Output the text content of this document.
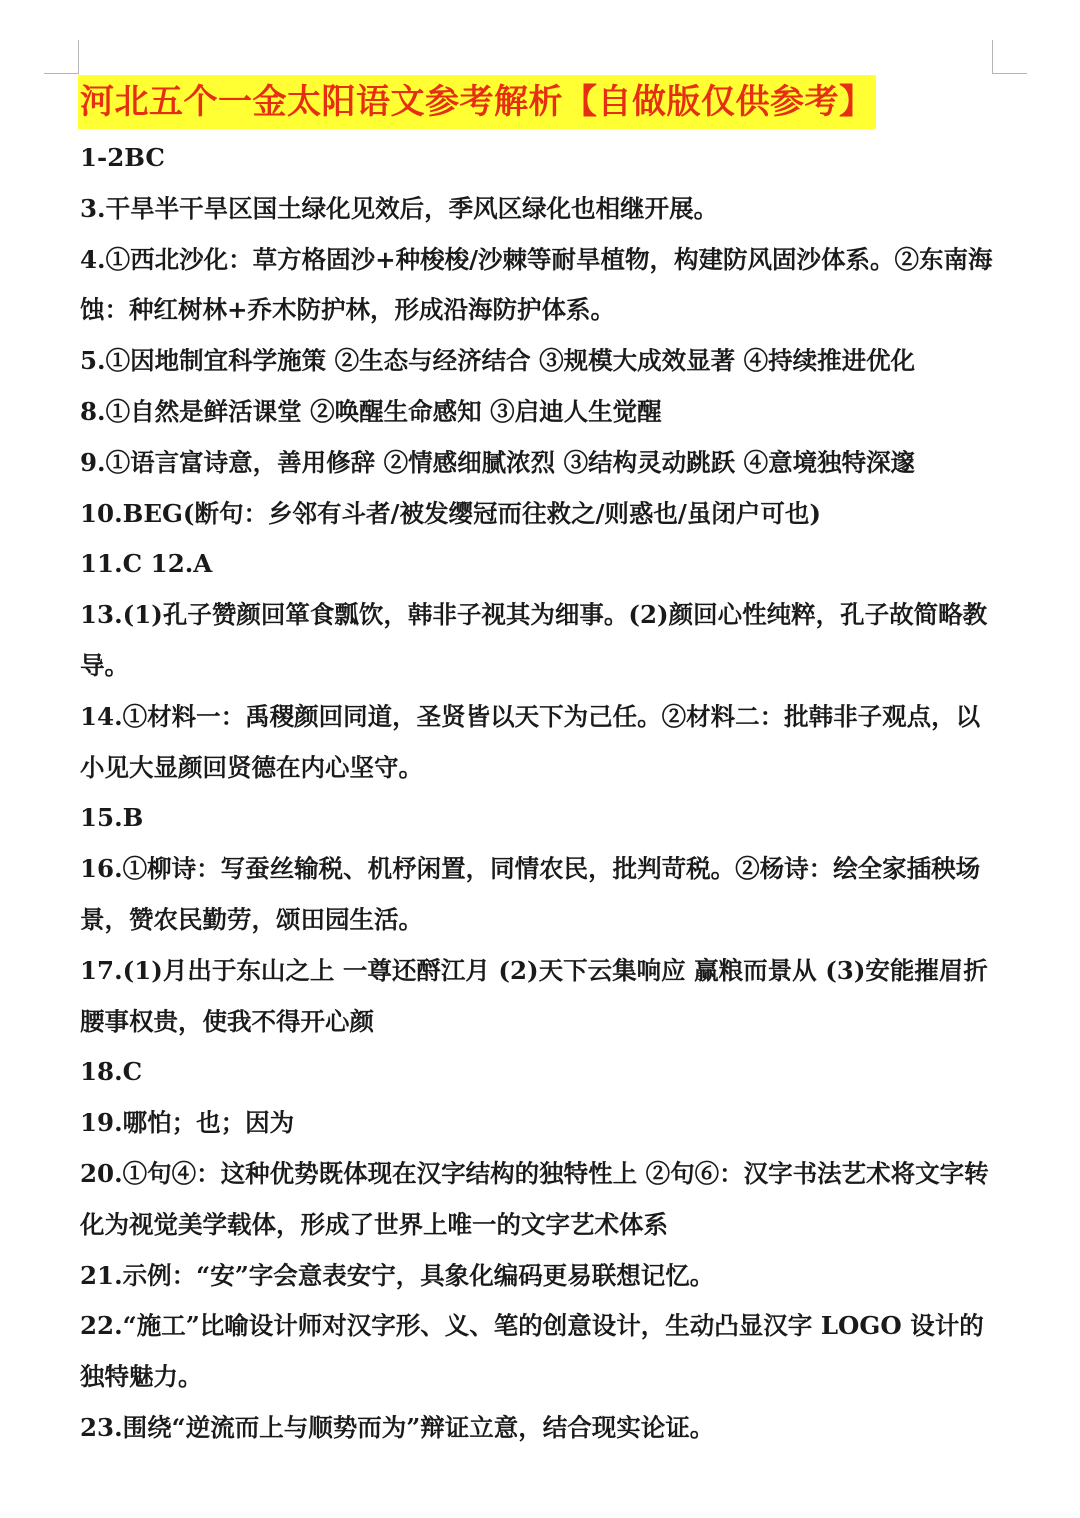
河北五个一金太阳语文参考解析【自做版仅供参考】
1-2BC
3.干旱半干旱区国土绿化见效后，季风区绿化也相继开展。
4.①西北沙化：草方格固沙+种梭梭/沙棘等耐旱植物，构建防风固沙体系。②东南海蚀：种红树林+乔木防护林，形成沿海防护体系。
5.①因地制宜科学施策 ②生态与经济结合 ③规模大成效显著 ④持续推进优化
8.①自然是鲜活课堂 ②唤醒生命感知 ③启迪人生觉醒
9.①语言富诗意，善用修辞 ②情感细腻浓烈 ③结构灵动跳跃 ④意境独特深邃
10.BEG(断句：乡邻有斗者/被发缨冠而往救之/则惑也/虽闭户可也)
11.C 12.A
13.(1)孔子赞颜回箪食瓢饮，韩非子视其为细事。(2)颜回心性纯粹，孔子故简略教导。
14.①材料一：禹稷颜回同道，圣贤皆以天下为己任。②材料二：批韩非子观点，以小见大显颜回贤德在内心坚守。
15.B
16.①柳诗：写蚕丝输税、机杼闲置，同情农民，批判苛税。②杨诗：绘全家插秧场景，赞农民勤劳，颂田园生活。
17.(1)月出于东山之上 一尊还酹江月 (2)天下云集响应 赢粮而景从 (3)安能摧眉折腰事权贵，使我不得开心颜
18.C
19.哪怕；也；因为
20.①句④：这种优势既体现在汉字结构的独特性上 ②句⑥：汉字书法艺术将文字转化为视觉美学载体，形成了世界上唯一的文字艺术体系
21.示例：“安”字会意表安宁，具象化编码更易联想记忆。
22.“施工”比喻设计师对汉字形、义、笔的创意设计，生动凸显汉字 LOGO 设计的独特魅力。
23.围绕“逆流而上与顺势而为”辩证立意，结合现实论证。
